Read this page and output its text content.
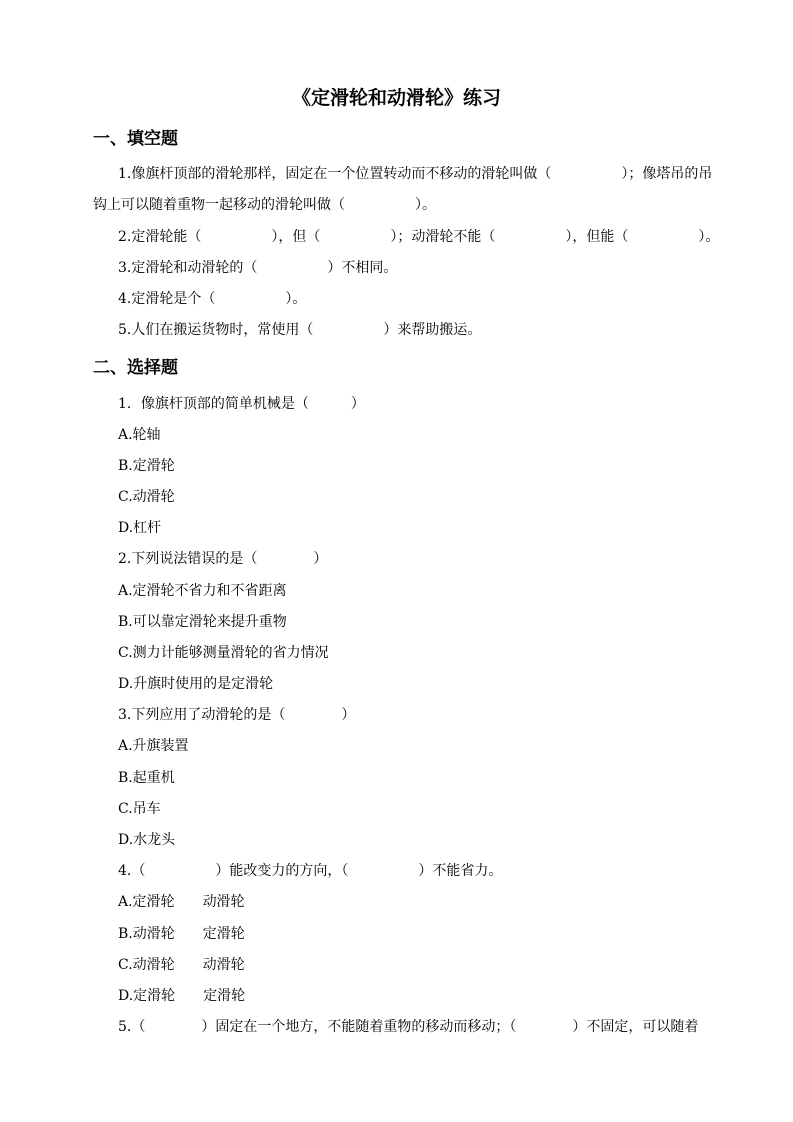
《定滑轮和动滑轮》练习
一、填空题
1.像旗杆顶部的滑轮那样，固定在一个位置转动而不移动的滑轮叫做（　　　　　）；像塔吊的吊
钩上可以随着重物一起移动的滑轮叫做（　　　　　）。
2.定滑轮能（　　　　　），但（　　　　　）；动滑轮不能（　　　　　），但能（　　　　　）。
3.定滑轮和动滑轮的（　　　　　）不相同。
4.定滑轮是个（　　　　　）。
5.人们在搬运货物时，常使用（　　　　　）来帮助搬运。
二、选择题
1．像旗杆顶部的简单机械是（　　　）
A.轮轴
B.定滑轮
C.动滑轮
D.杠杆
2.下列说法错误的是（　　　　）
A.定滑轮不省力和不省距离
B.可以靠定滑轮来提升重物
C.测力计能够测量滑轮的省力情况
D.升旗时使用的是定滑轮
3.下列应用了动滑轮的是（　　　　）
A.升旗装置
B.起重机
C.吊车
D.水龙头
4.（　　　　　）能改变力的方向，（　　　　　）不能省力。
A.定滑轮 动滑轮
B.动滑轮 定滑轮
C.动滑轮 动滑轮
D.定滑轮 定滑轮
5.（　　　　）固定在一个地方，不能随着重物的移动而移动；（　　　　）不固定，可以随着
